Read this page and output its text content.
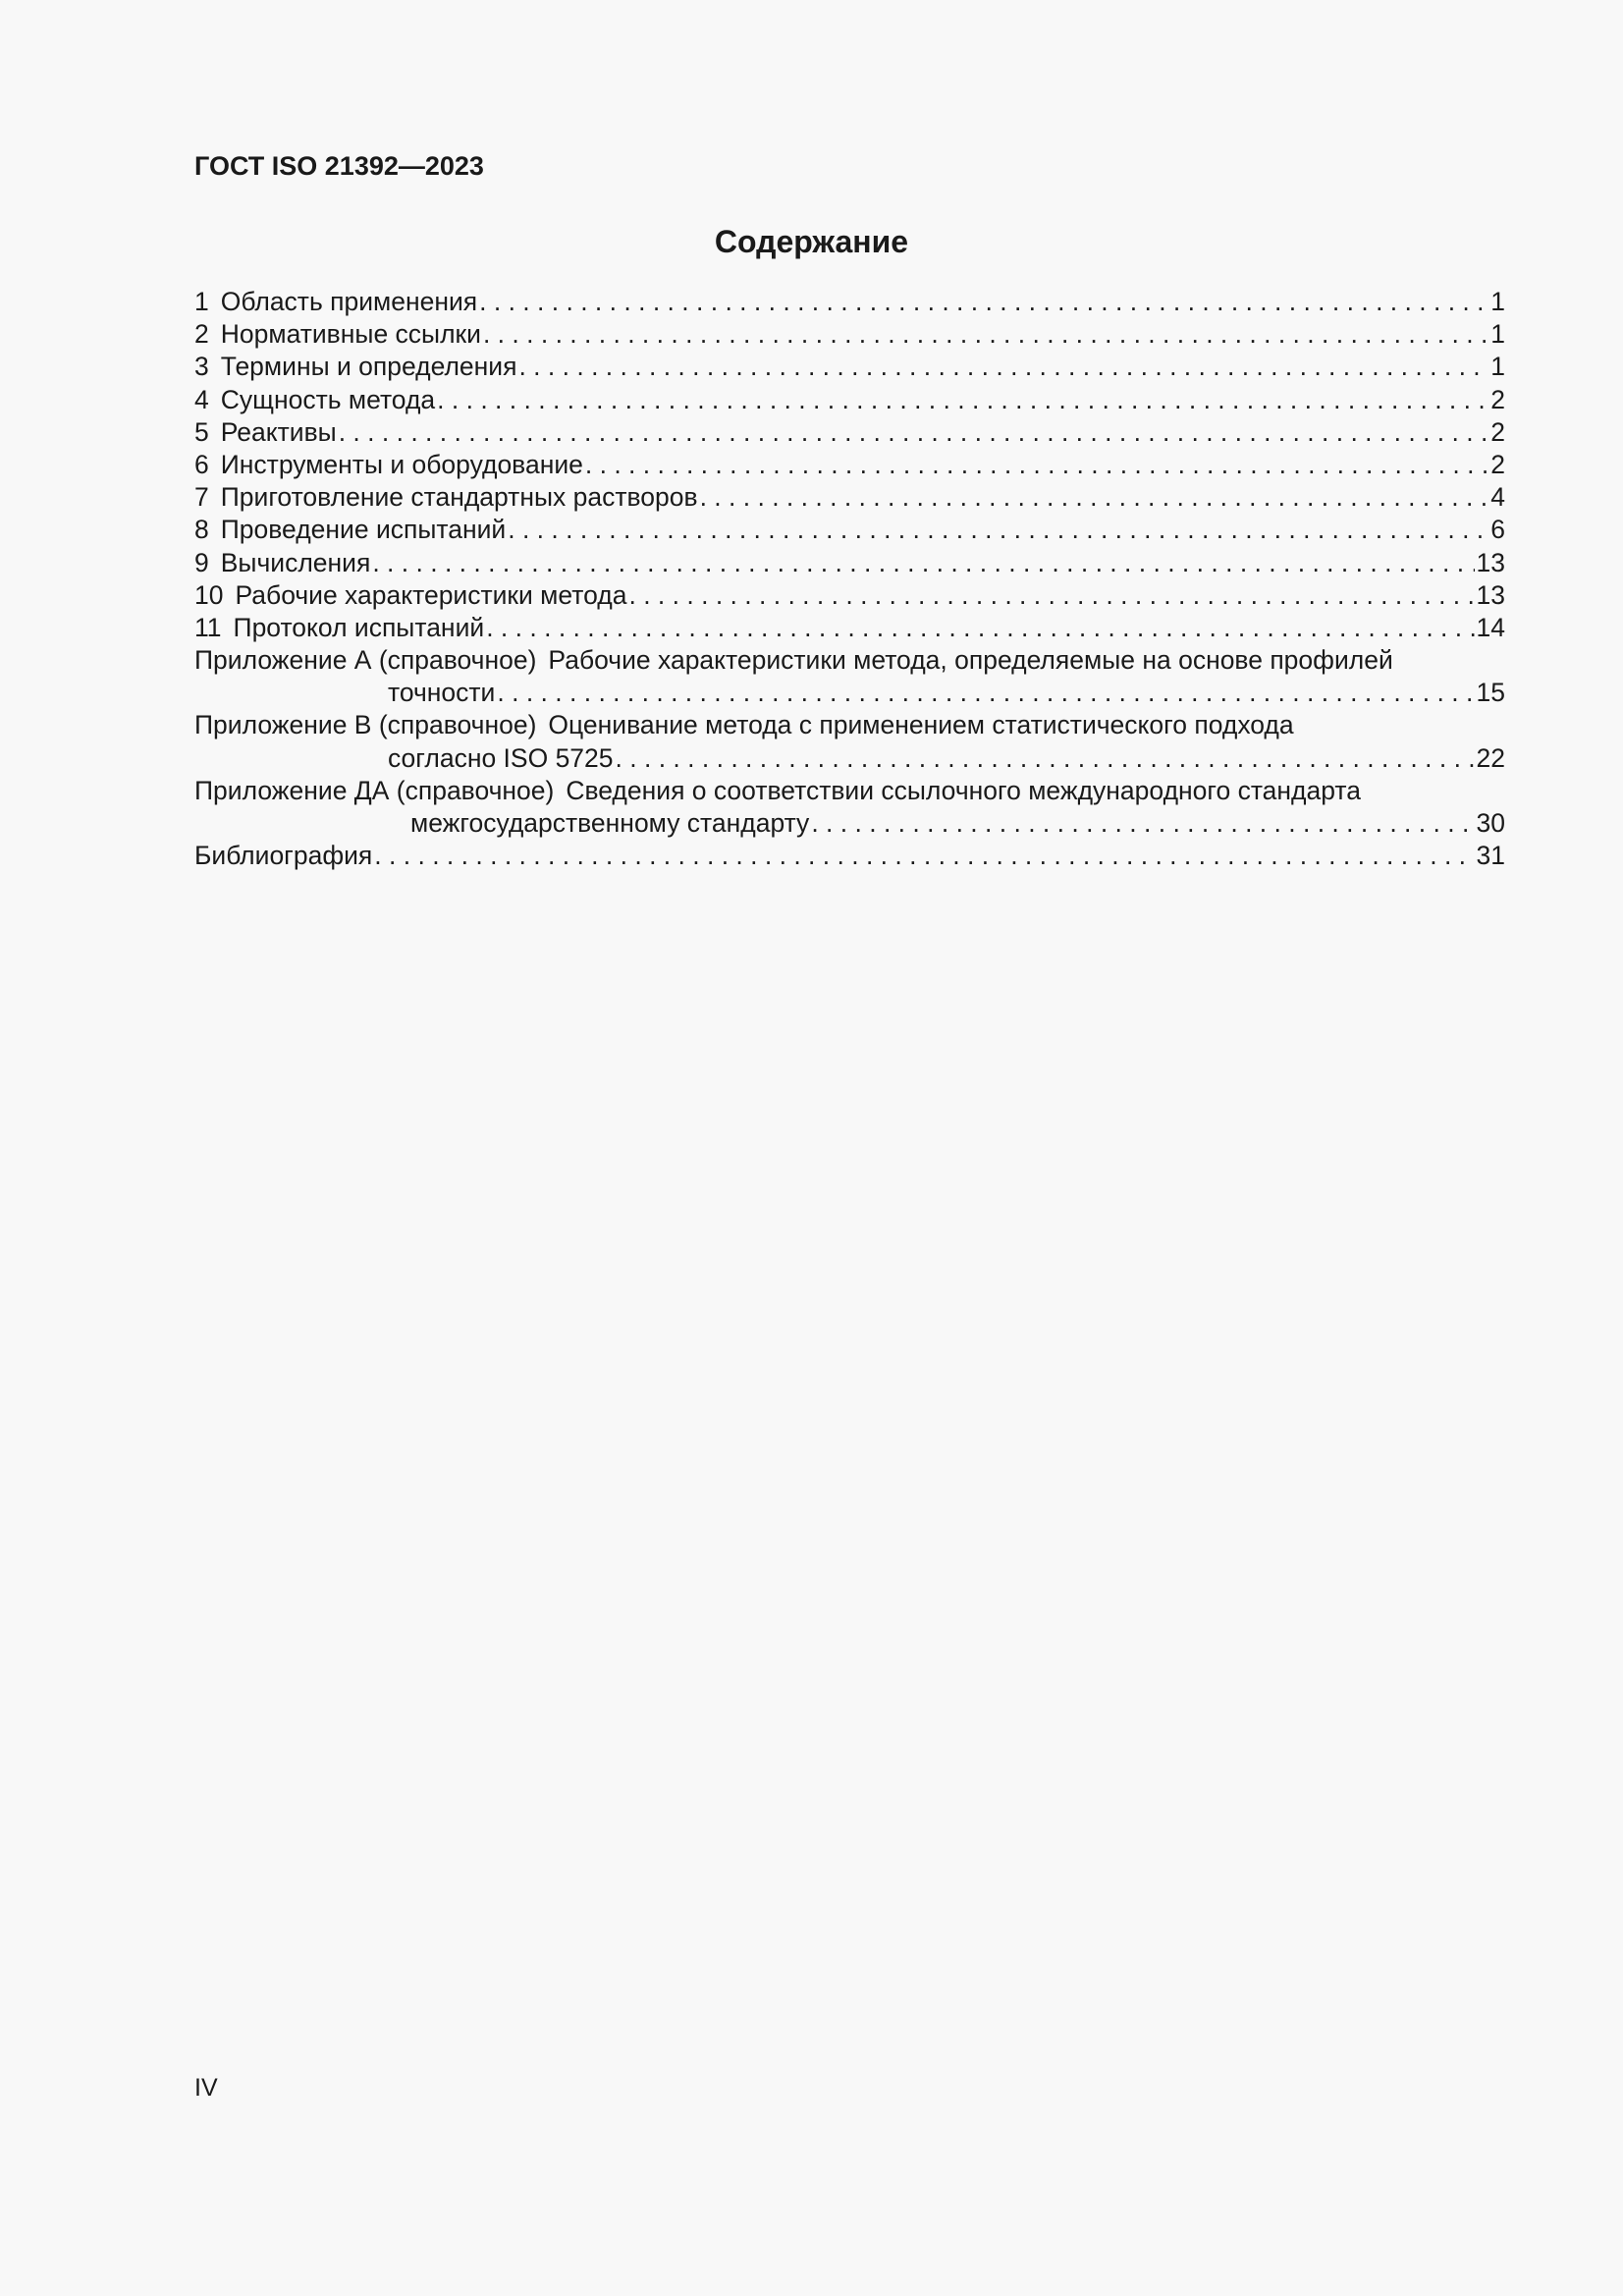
ГОСТ ISO 21392—2023
Содержание
1 Область применения . . .	1
2 Нормативные ссылки . . .	1
3 Термины и определения . . .	1
4 Сущность метода . . .	2
5 Реактивы . . .	2
6 Инструменты и оборудование . . .	2
7 Приготовление стандартных растворов . . .	4
8 Проведение испытаний . . .	6
9 Вычисления . . .	13
10 Рабочие характеристики метода . . .	13
11 Протокол испытаний . . .	14
Приложение А (справочное) Рабочие характеристики метода, определяемые на основе профилей
точности . . .	15
Приложение В (справочное) Оценивание метода с применением статистического подхода
согласно ISO 5725 . . .	22
Приложение ДА (справочное) Сведения о соответствии ссылочного международного стандарта
межгосударственному стандарту . . .	30
Библиография . . .	31
IV
